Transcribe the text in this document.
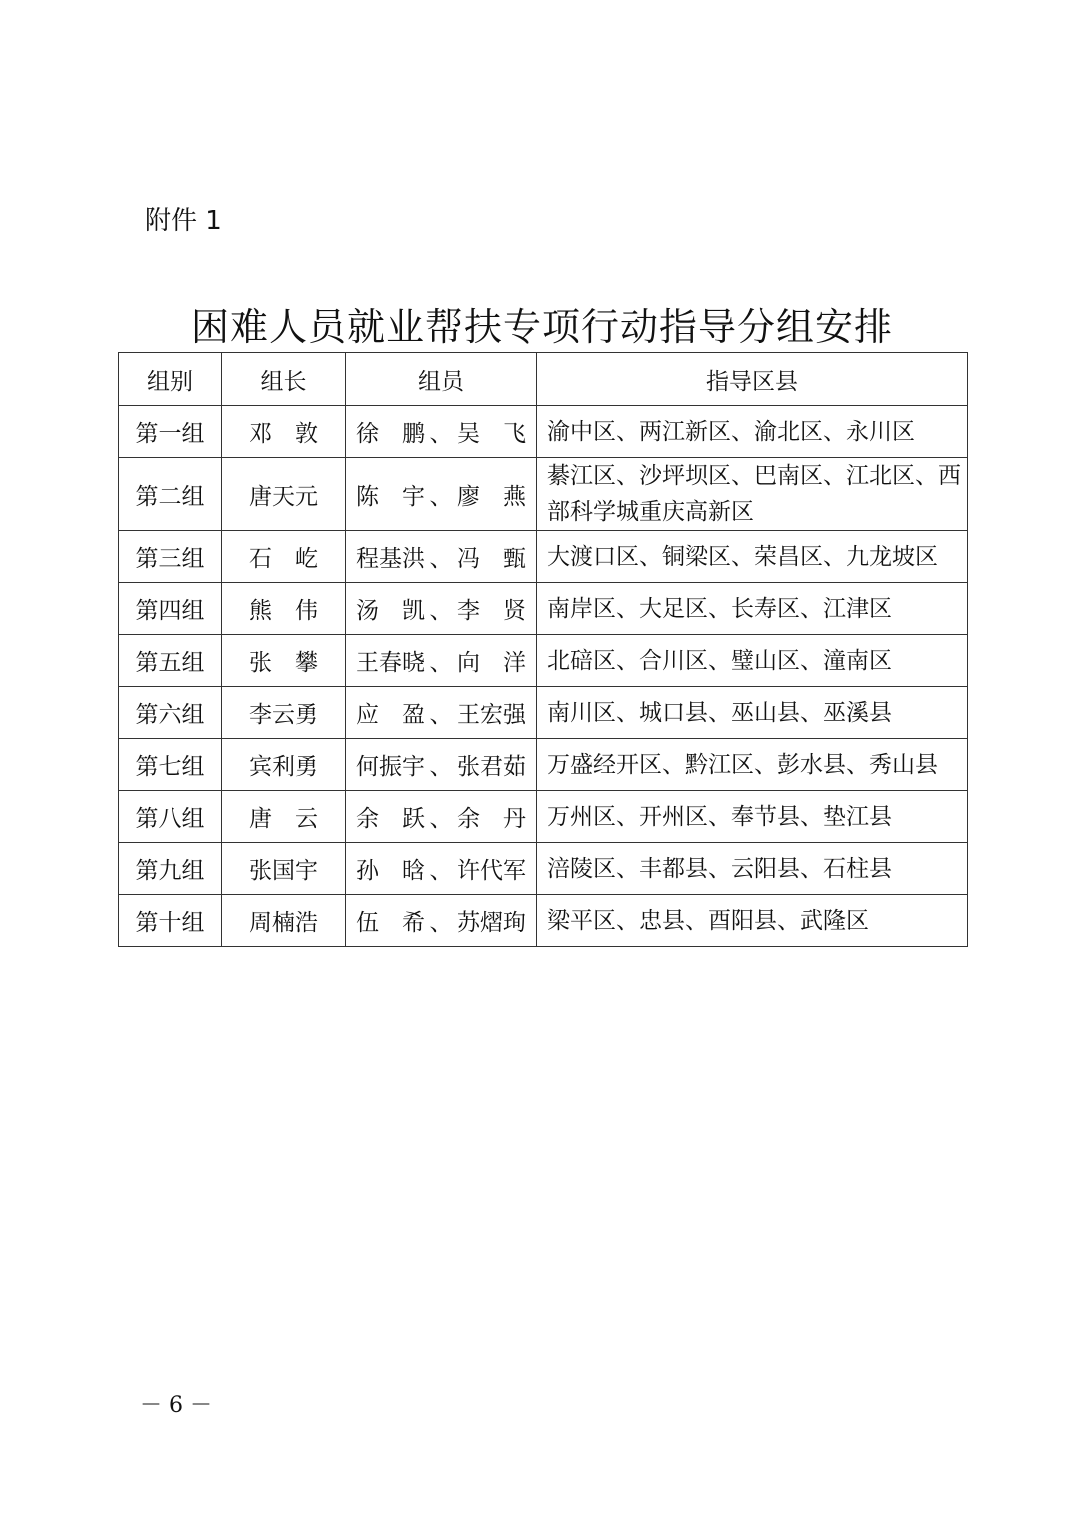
附件 1
困难人员就业帮扶专项行动指导分组安排
组别	组长	组员	指导区县
第一组	邓　敦	徐　鹏 、 吴　飞	渝中区、两江新区、渝北区、永川区
第二组	唐天元	陈　宇 、 廖　燕	綦江区、沙坪坝区、巴南区、江北区、西部科学城重庆高新区
第三组	石　屹	程基洪 、 冯　甄	大渡口区、铜梁区、荣昌区、九龙坡区
第四组	熊　伟	汤　凯 、 李　贤	南岸区、大足区、长寿区、江津区
第五组	张　攀	王春晓 、 向　洋	北碚区、合川区、璧山区、潼南区
第六组	李云勇	应　盈 、 王宏强	南川区、城口县、巫山县、巫溪县
第七组	宾利勇	何振宇 、 张君茹	万盛经开区、黔江区、彭水县、秀山县
第八组	唐　云	余　跃 、 余　丹	万州区、开州区、奉节县、垫江县
第九组	张国宇	孙　晗 、 许代军	涪陵区、丰都县、云阳县、石柱县
第十组	周楠浩	伍　希 、 苏熠珣	梁平区、忠县、酉阳县、武隆区
－ 6 －
